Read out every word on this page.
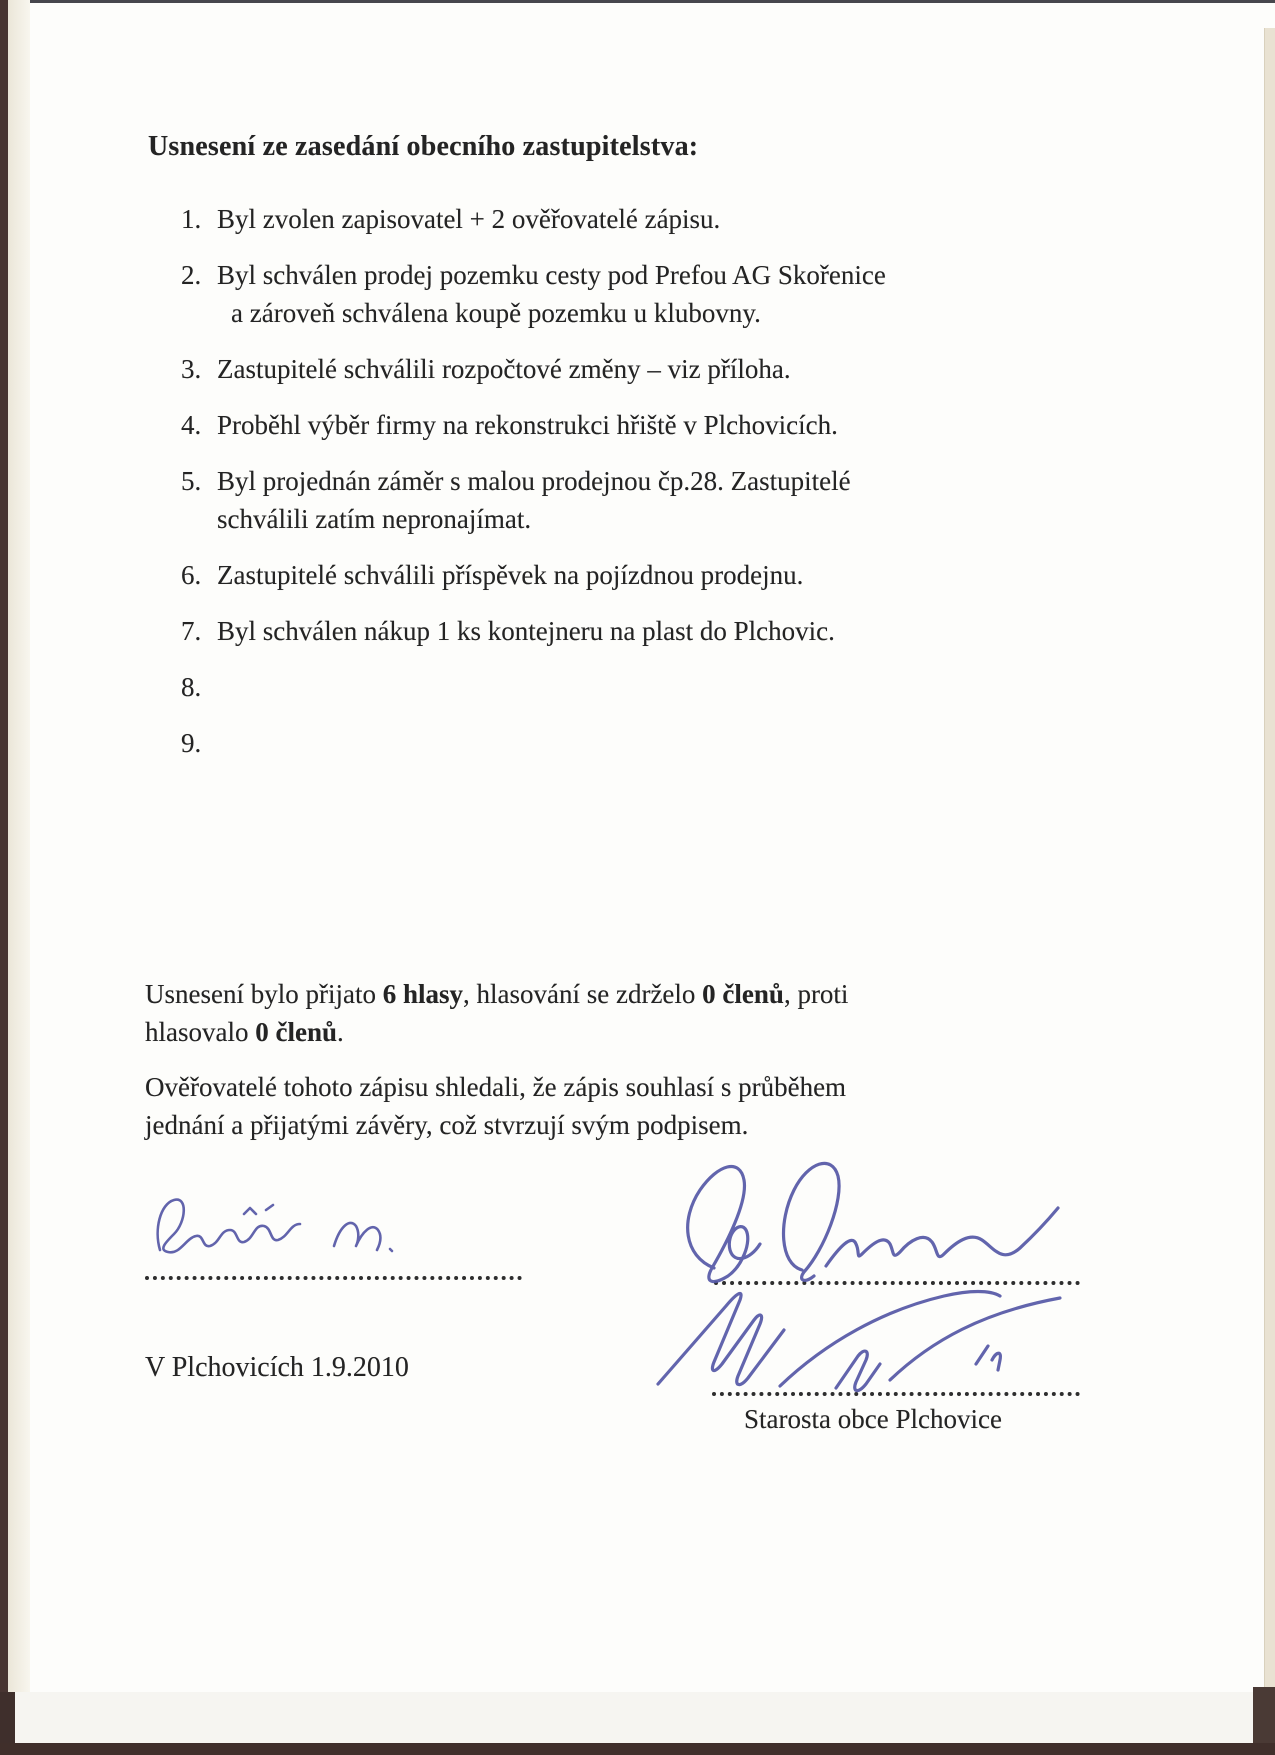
Usnesení ze zasedání obecního zastupitelstva:
1. Byl zvolen zapisovatel + 2 ověřovatelé zápisu.
2. Byl schválen prodej pozemku cesty pod Prefou AG Skořenice
a zároveň schválena koupě pozemku u klubovny.
3. Zastupitelé schválili rozpočtové změny – viz příloha.
4. Proběhl výběr firmy na rekonstrukci hřiště v Plchovicích.
5. Byl projednán záměr s malou prodejnou čp.28. Zastupitelé
schválili zatím nepronajímat.
6. Zastupitelé schválili příspěvek na pojízdnou prodejnu.
7. Byl schválen nákup 1 ks kontejneru na plast do Plchovic.
8.
9.
Usnesení bylo přijato 6 hlasy, hlasování se zdrželo 0 členů, proti
hlasovalo 0 členů.
Ověřovatelé tohoto zápisu shledali, že zápis souhlasí s průběhem
jednání a přijatými závěry, což stvrzují svým podpisem.
V Plchovicích 1.9.2010
Starosta obce Plchovice
